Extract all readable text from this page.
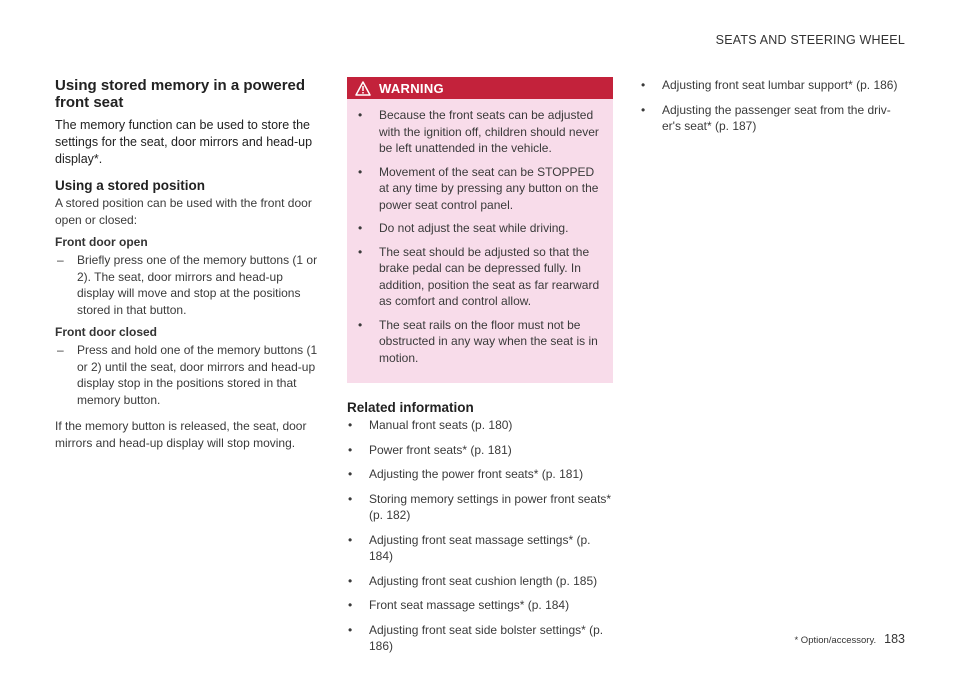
SEATS AND STEERING WHEEL
Using stored memory in a powered front seat

The memory function can be used to store the settings for the seat, door mirrors and head-up display*.

Using a stored position

A stored position can be used with the front door open or closed:

Front door open
– Briefly press one of the memory buttons (1 or 2). The seat, door mirrors and head-up display will move and stop at the positions stored in that button.
Front door closed
– Press and hold one of the memory buttons (1 or 2) until the seat, door mirrors and head-up display stop in the positions stored in that memory button.

If the memory button is released, the seat, door mirrors and head-up display will stop moving.

WARNING
• Because the front seats can be adjusted with the ignition off, children should never be left unattended in the vehicle.
• Movement of the seat can be STOPPED at any time by pressing any button on the power seat control panel.
• Do not adjust the seat while driving.
• The seat should be adjusted so that the brake pedal can be depressed fully. In addition, position the seat as far rearward as comfort and control allow.
• The seat rails on the floor must not be obstructed in any way when the seat is in motion.
Related information
• Manual front seats (p. 180)
• Power front seats* (p. 181)
• Adjusting the power front seats* (p. 181)
• Storing memory settings in power front seats* (p. 182)
• Adjusting front seat massage settings* (p. 184)
• Adjusting front seat cushion length (p. 185)
• Front seat massage settings* (p. 184)
• Adjusting front seat side bolster settings* (p. 186)
• Adjusting front seat lumbar support* (p. 186)
• Adjusting the passenger seat from the driv-er's seat* (p. 187)
* Option/accessory. 183
